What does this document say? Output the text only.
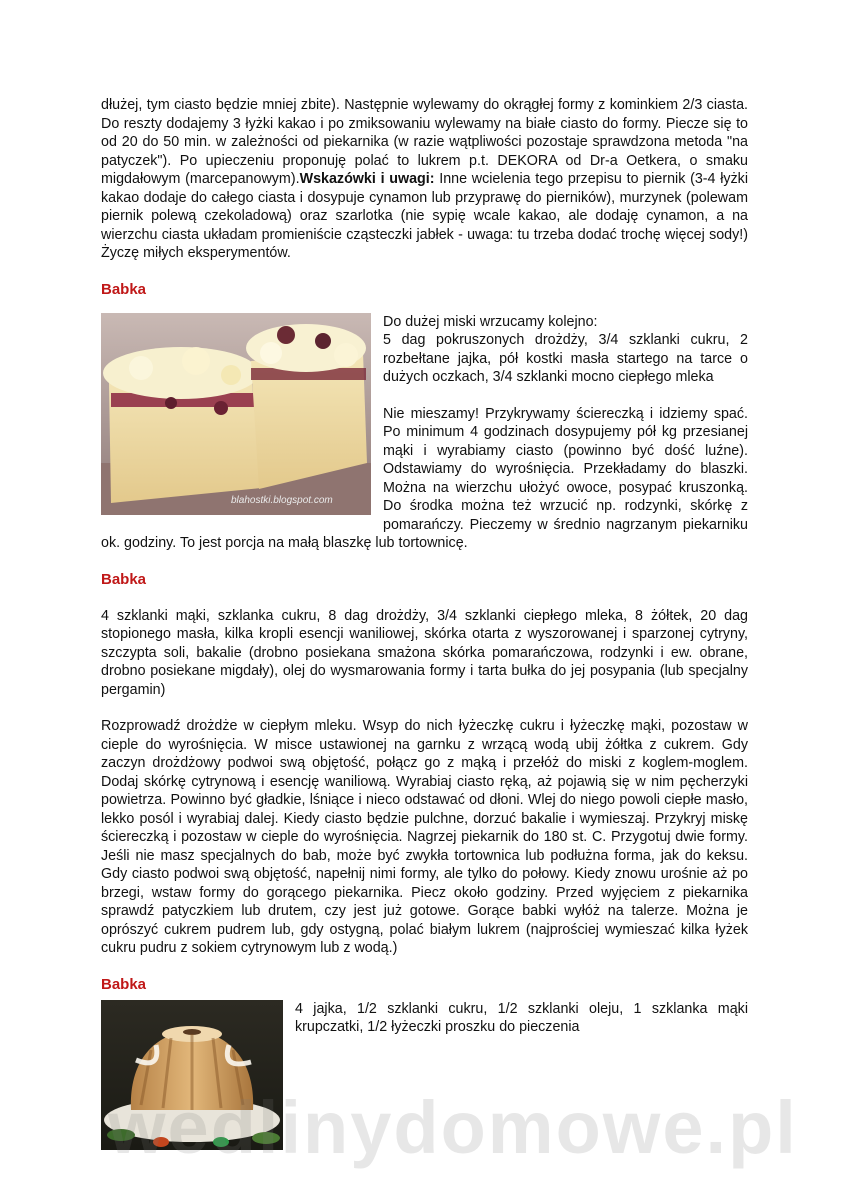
dłużej, tym ciasto będzie mniej zbite). Następnie wylewamy do okrągłej formy z kominkiem 2/3 ciasta. Do reszty dodajemy 3 łyżki kakao i po zmiksowaniu wylewamy na białe ciasto do formy. Piecze się to od 20 do 50 min. w zależności od piekarnika (w razie wątpliwości pozostaje sprawdzona metoda "na patyczek"). Po upieczeniu proponuję polać to lukrem p.t. DEKORA od Dr-a Oetkera, o smaku migdałowym (marcepanowym).Wskazówki i uwagi: Inne wcielenia tego przepisu to piernik (3-4 łyżki kakao dodaje do całego ciasta i dosypuje cynamon lub przyprawę do pierników), murzynek (polewam piernik polewą czekoladową) oraz szarlotka (nie sypię wcale kakao, ale dodaję cynamon, a na wierzchu ciasta układam promieniście cząsteczki jabłek - uwaga: tu trzeba dodać trochę więcej sody!) Życzę miłych eksperymentów.

Babka
blahostki.blogspot.com

Do dużej miski wrzucamy kolejno:

5 dag pokruszonych drożdży, 3/4 szklanki cukru, 2 rozbełtane jajka, pół kostki masła startego na tarce o dużych oczkach, 3/4 szklanki mocno ciepłego mleka

Nie mieszamy! Przykrywamy ściereczką i idziemy spać. Po minimum 4 godzinach dosypujemy pół kg przesianej mąki i wyrabiamy ciasto (powinno być dość luźne). Odstawiamy do wyrośnięcia. Przekładamy do blaszki. Można na wierzchu ułożyć owoce, posypać kruszonką. Do środka można też wrzucić np. rodzynki, skórkę z pomarańczy. Pieczemy w średnio nagrzanym piekarniku ok. godziny. To jest porcja na małą blaszkę lub tortownicę.

Babka

4 szklanki mąki, szklanka cukru, 8 dag drożdży, 3/4 szklanki ciepłego mleka, 8 żółtek, 20 dag stopionego masła, kilka kropli esencji waniliowej, skórka otarta z wyszorowanej i sparzonej cytryny, szczypta soli, bakalie (drobno posiekana smażona skórka pomarańczowa, rodzynki i ew. obrane, drobno posiekane migdały), olej do wysmarowania formy i tarta bułka do jej posypania (lub specjalny pergamin)

Rozprowadź drożdże w ciepłym mleku. Wsyp do nich łyżeczkę cukru i łyżeczkę mąki, pozostaw w cieple do wyrośnięcia. W misce ustawionej na garnku z wrzącą wodą ubij żółtka z cukrem. Gdy zaczyn drożdżowy podwoi swą objętość, połącz go z mąką i przełóż do miski z koglem-moglem. Dodaj skórkę cytrynową i esencję waniliową. Wyrabiaj ciasto ręką, aż pojawią się w nim pęcherzyki powietrza. Powinno być gładkie, lśniące i nieco odstawać od dłoni. Wlej do niego powoli ciepłe masło, lekko posól i wyrabiaj dalej. Kiedy ciasto będzie pulchne, dorzuć bakalie i wymieszaj. Przykryj miskę ściereczką i pozostaw w cieple do wyrośnięcia. Nagrzej piekarnik do 180 st. C. Przygotuj dwie formy. Jeśli nie masz specjalnych do bab, może być zwykła tortownica lub podłużna forma, jak do keksu. Gdy ciasto podwoi swą objętość, napełnij nimi formy, ale tylko do połowy. Kiedy znowu urośnie aż po brzegi, wstaw formy do gorącego piekarnika. Piecz około godziny. Przed wyjęciem z piekarnika sprawdź patyczkiem lub drutem, czy jest już gotowe. Gorące babki wyłóż na talerze. Można je oprószyć cukrem pudrem lub, gdy ostygną, polać białym lukrem (najprościej wymieszać kilka łyżek cukru pudru z sokiem cytrynowym lub z wodą.)

Babka

4 jajka, 1/2 szklanki cukru, 1/2 szklanki oleju, 1 szklanka mąki krupczatki, 1/2 łyżeczki proszku do pieczenia

wedlinydomowe.pl
